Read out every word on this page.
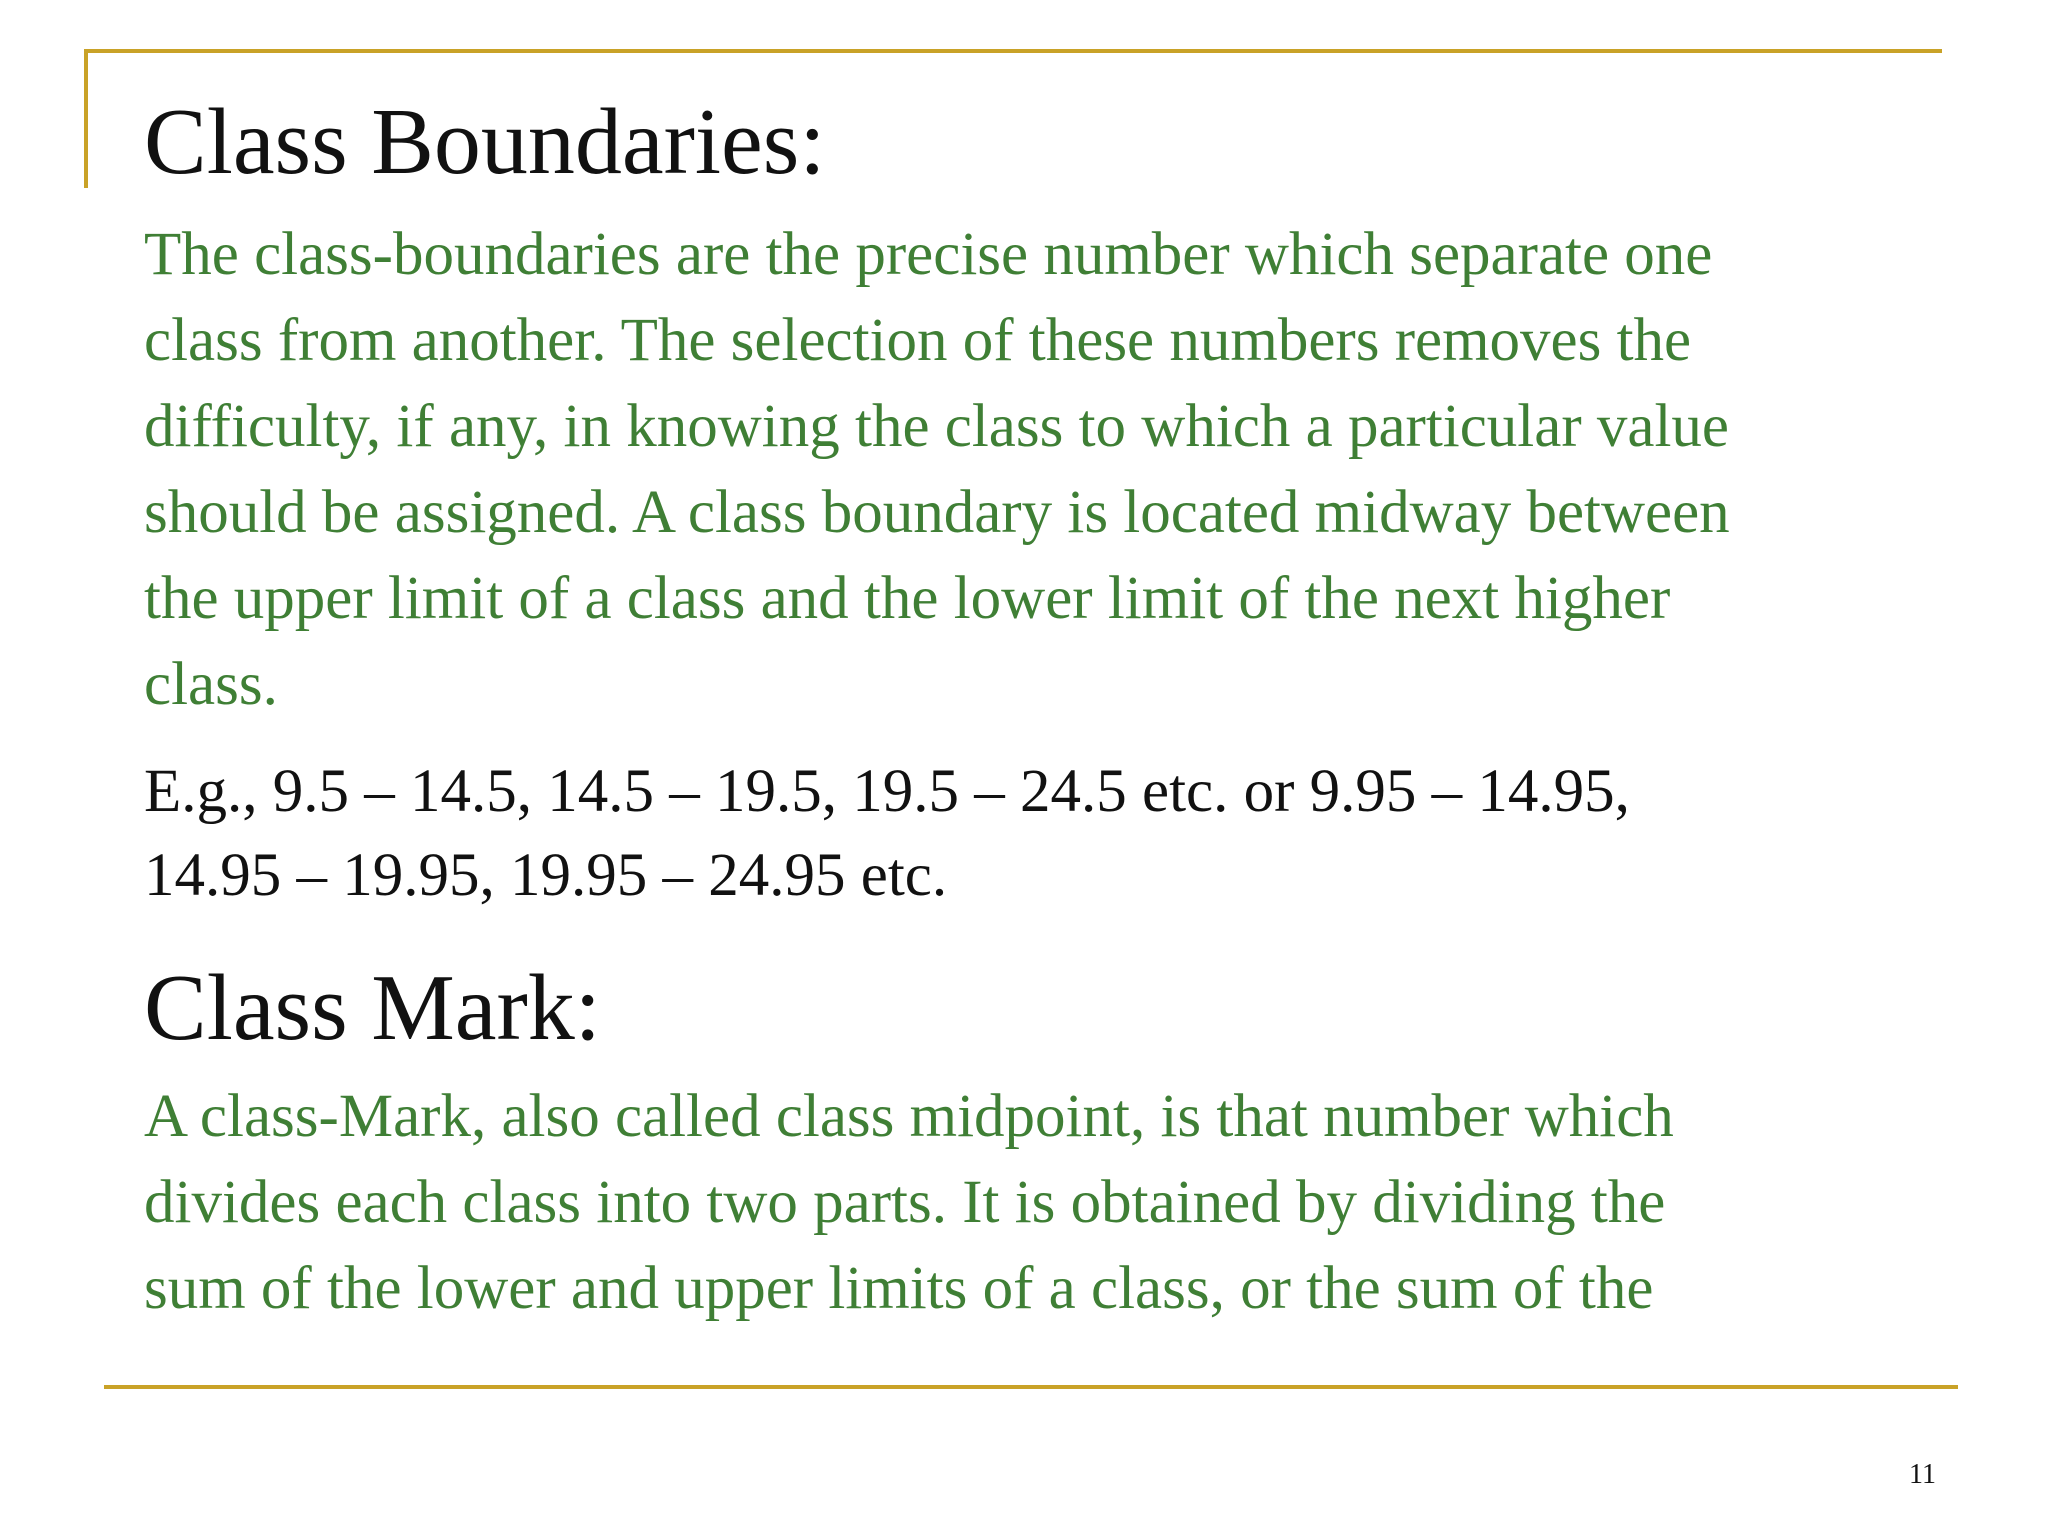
Class Boundaries:

The class-boundaries are the precise number which separate one
class from another. The selection of these numbers removes the
difficulty, if any, in knowing the class to which a particular value
should be assigned. A class boundary is located midway between
the upper limit of a class and the lower limit of the next higher
class.

E.g., 9.5 – 14.5, 14.5 – 19.5, 19.5 – 24.5 etc. or 9.95 – 14.95,
14.95 – 19.95, 19.95 – 24.95 etc.

Class Mark:

A class-Mark, also called class midpoint, is that number which
divides each class into two parts. It is obtained by dividing the
sum of the lower and upper limits of a class, or the sum of the

11
